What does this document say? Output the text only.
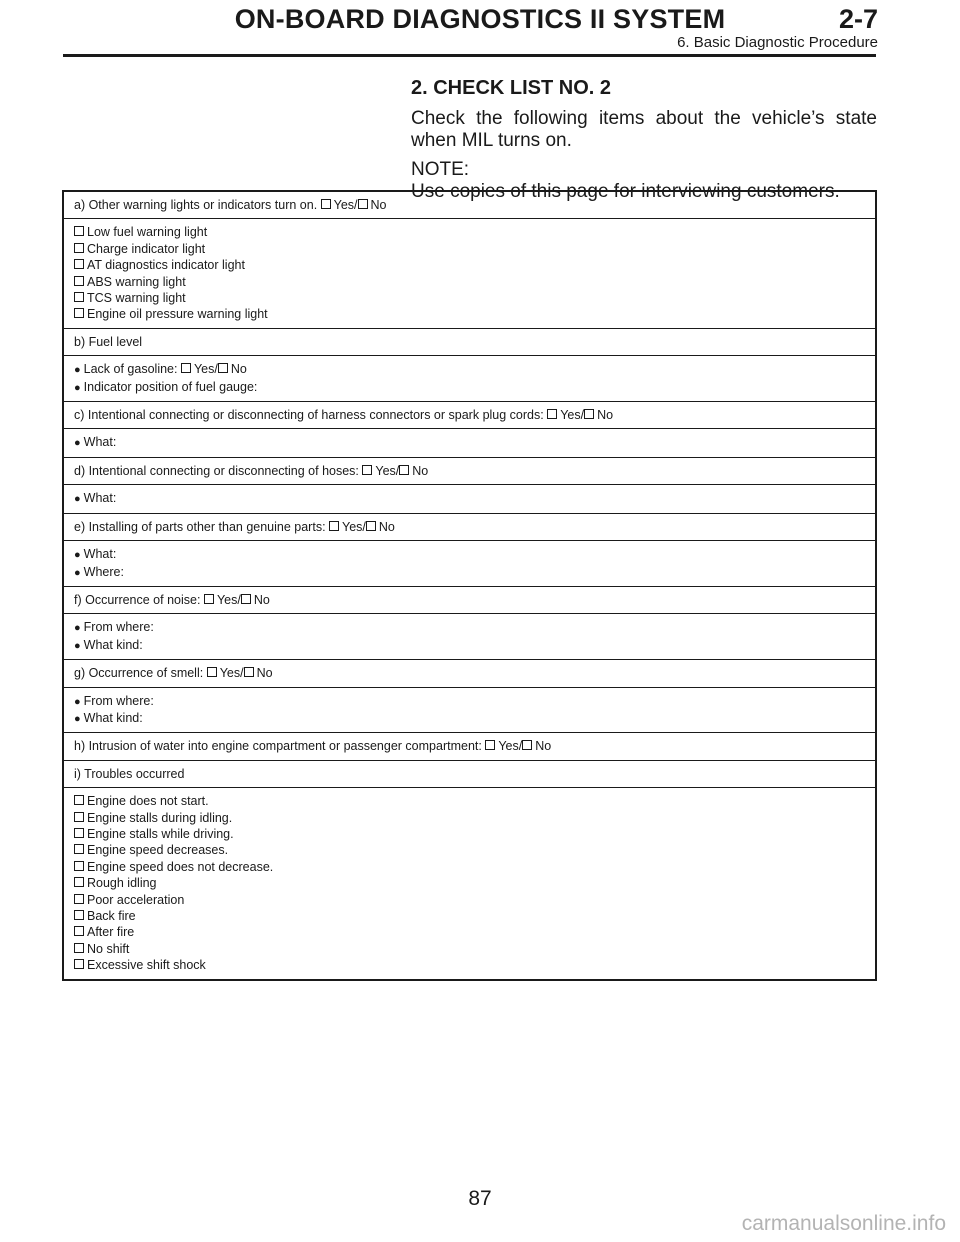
ON-BOARD DIAGNOSTICS II SYSTEM	2-7
6. Basic Diagnostic Procedure
2. CHECK LIST NO. 2
Check the following items about the vehicle’s state when MIL turns on.
NOTE:
Use copies of this page for interviewing customers.
a) Other warning lights or indicators turn on. Yes/ No
Low fuel warning light
Charge indicator light
AT diagnostics indicator light
ABS warning light
TCS warning light
Engine oil pressure warning light
b) Fuel level
● Lack of gasoline: Yes/ No
● Indicator position of fuel gauge:
c) Intentional connecting or disconnecting of harness connectors or spark plug cords: Yes/ No
● What:
d) Intentional connecting or disconnecting of hoses: Yes/ No
● What:
e) Installing of parts other than genuine parts: Yes/ No
● What:
● Where:
f) Occurrence of noise: Yes/ No
● From where:
● What kind:
g) Occurrence of smell: Yes/ No
● From where:
● What kind:
h) Intrusion of water into engine compartment or passenger compartment: Yes/ No
i) Troubles occurred
Engine does not start.
Engine stalls during idling.
Engine stalls while driving.
Engine speed decreases.
Engine speed does not decrease.
Rough idling
Poor acceleration
Back fire
After fire
No shift
Excessive shift shock
87
carmanualsonline.info
